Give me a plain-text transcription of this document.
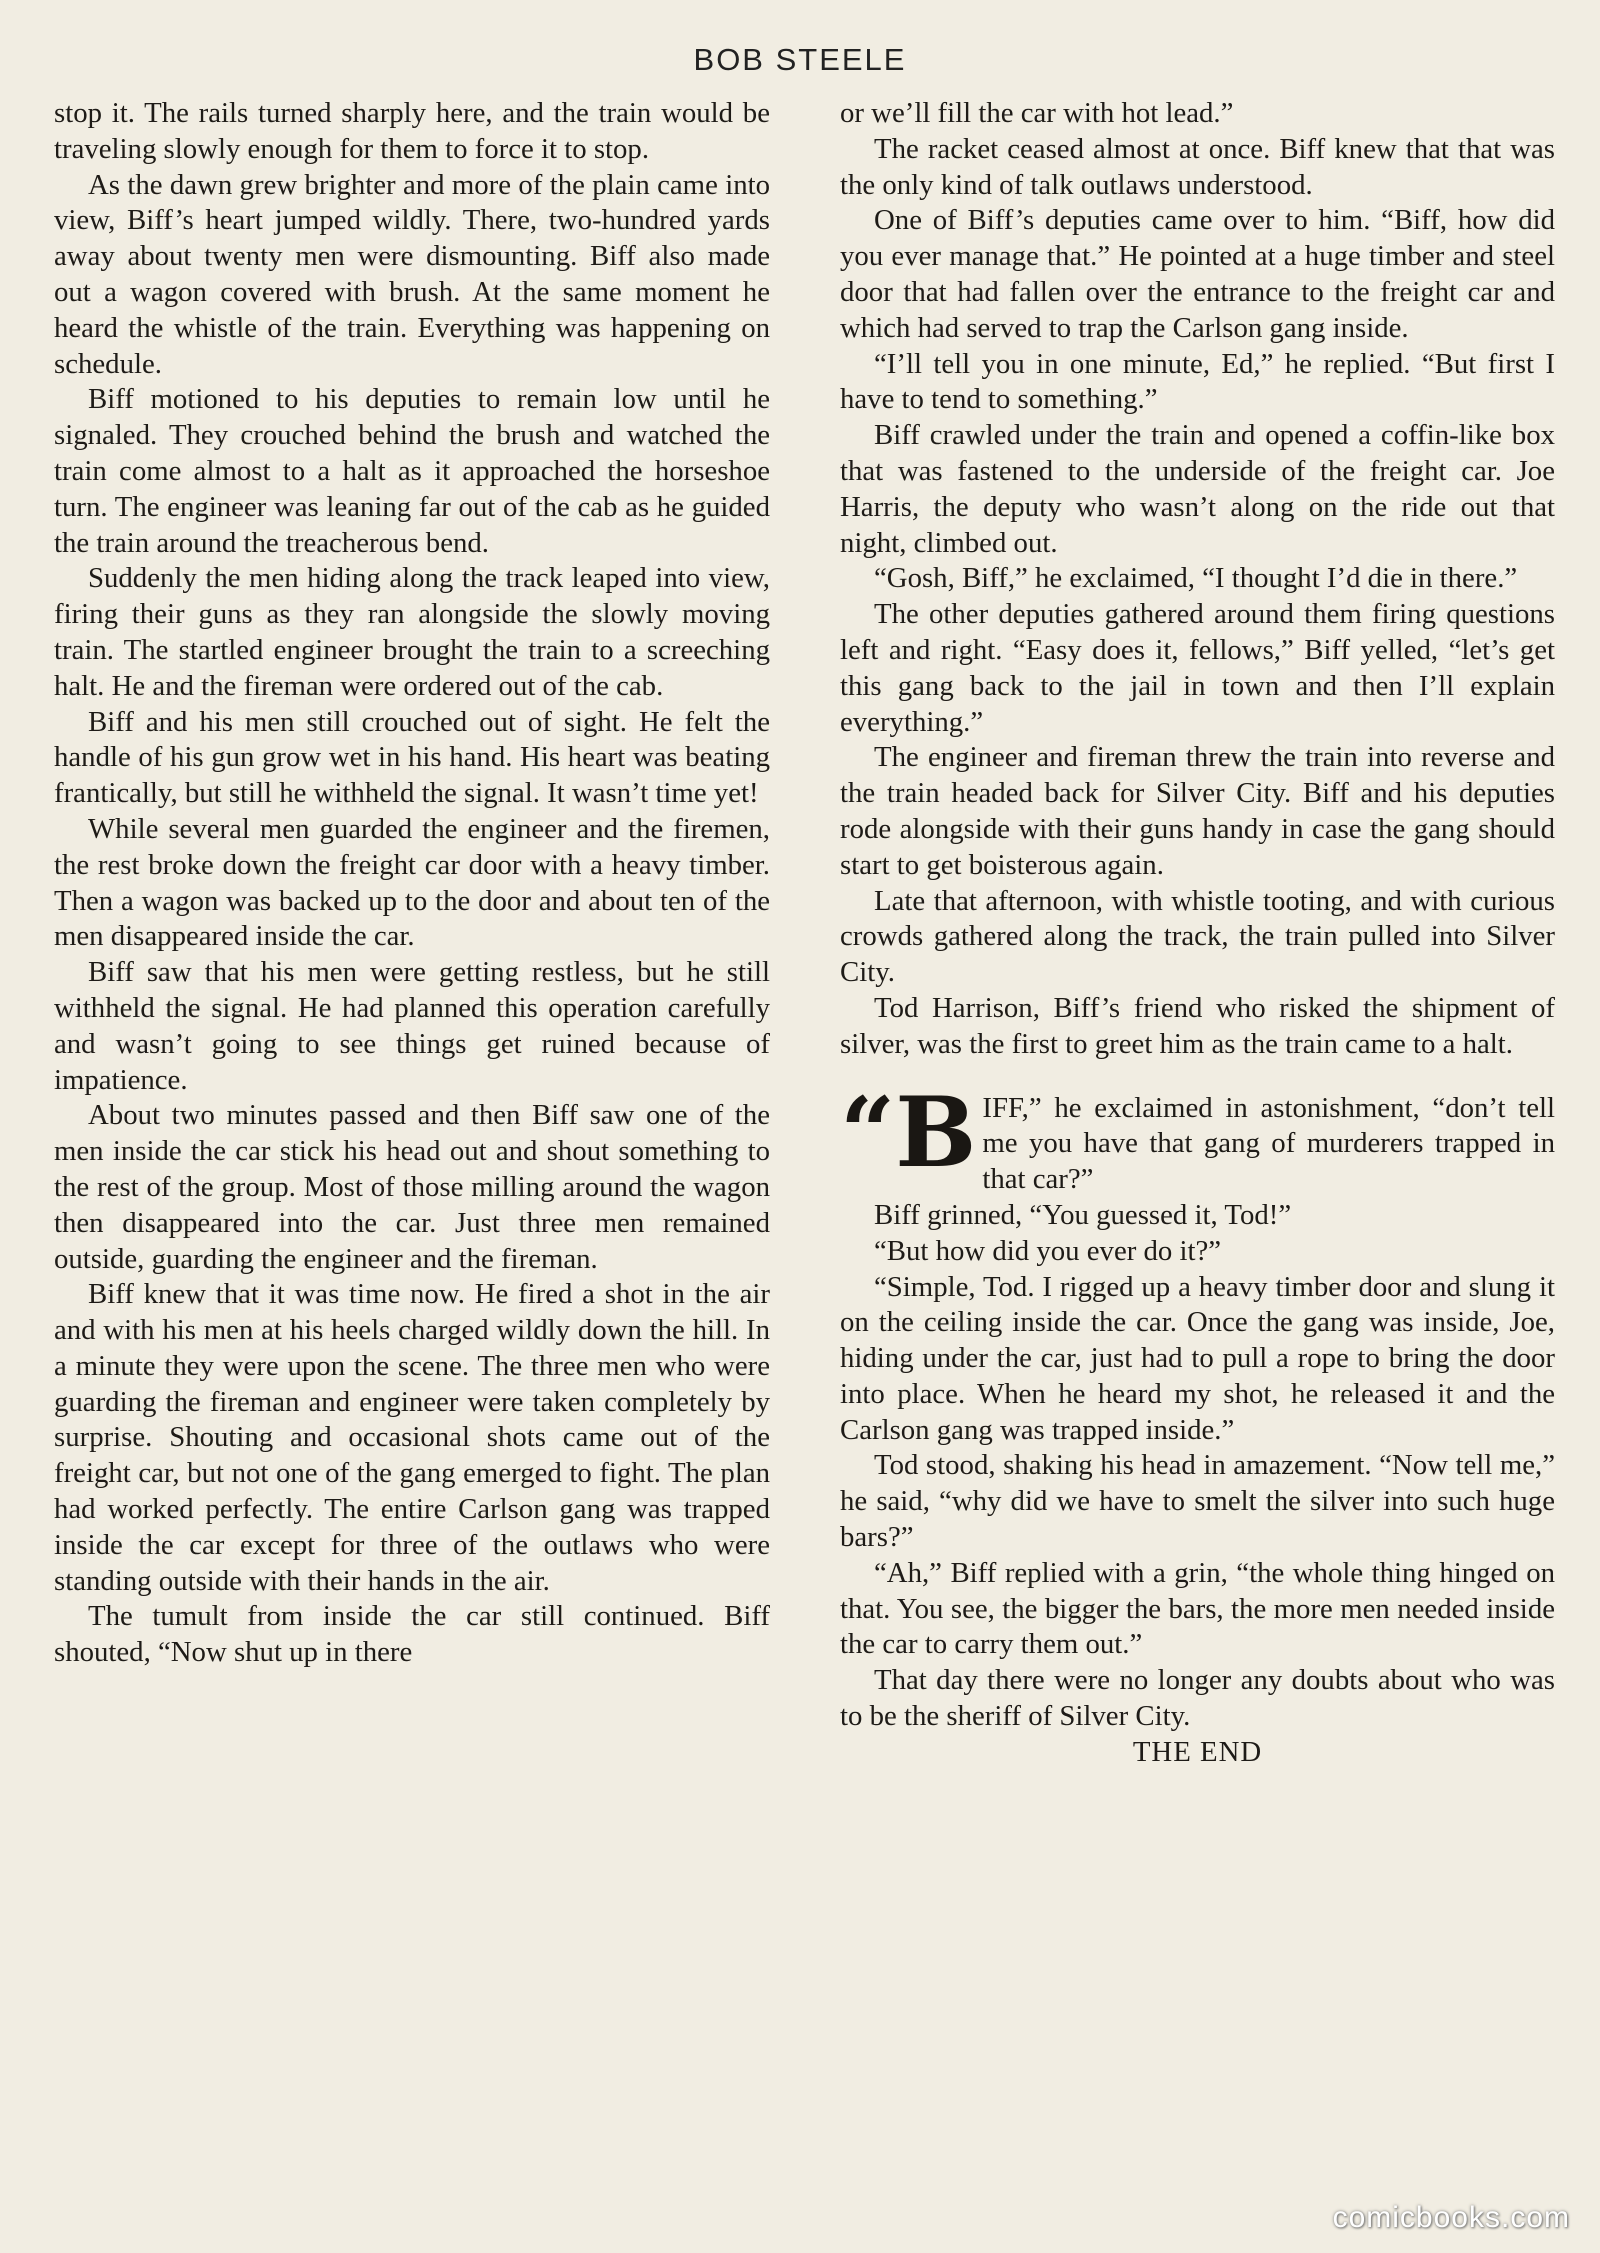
BOB STEELE

stop it. The rails turned sharply here, and the train would be traveling slowly enough for them to force it to stop.

As the dawn grew brighter and more of the plain came into view, Biff’s heart jumped wildly. There, two-hundred yards away about twenty men were dismounting. Biff also made out a wagon covered with brush. At the same moment he heard the whistle of the train. Everything was happening on schedule.

Biff motioned to his deputies to remain low until he signaled. They crouched behind the brush and watched the train come almost to a halt as it approached the horseshoe turn. The engineer was leaning far out of the cab as he guided the train around the treacherous bend.

Suddenly the men hiding along the track leaped into view, firing their guns as they ran alongside the slowly moving train. The startled engineer brought the train to a screeching halt. He and the fireman were ordered out of the cab.

Biff and his men still crouched out of sight. He felt the handle of his gun grow wet in his hand. His heart was beating frantically, but still he withheld the signal. It wasn’t time yet!

While several men guarded the engineer and the firemen, the rest broke down the freight car door with a heavy timber. Then a wagon was backed up to the door and about ten of the men disappeared inside the car.

Biff saw that his men were getting restless, but he still withheld the signal. He had planned this operation carefully and wasn’t going to see things get ruined because of impatience.

About two minutes passed and then Biff saw one of the men inside the car stick his head out and shout something to the rest of the group. Most of those milling around the wagon then disappeared into the car. Just three men remained outside, guarding the engineer and the fireman.

Biff knew that it was time now. He fired a shot in the air and with his men at his heels charged wildly down the hill. In a minute they were upon the scene. The three men who were guarding the fireman and engineer were taken completely by surprise. Shouting and occasional shots came out of the freight car, but not one of the gang emerged to fight. The plan had worked perfectly. The entire Carlson gang was trapped inside the car except for three of the outlaws who were standing outside with their hands in the air.

The tumult from inside the car still continued. Biff shouted, “Now shut up in there

or we’ll fill the car with hot lead.”

The racket ceased almost at once. Biff knew that that was the only kind of talk outlaws understood.

One of Biff’s deputies came over to him. “Biff, how did you ever manage that.” He pointed at a huge timber and steel door that had fallen over the entrance to the freight car and which had served to trap the Carlson gang inside.

“I’ll tell you in one minute, Ed,” he replied. “But first I have to tend to something.”

Biff crawled under the train and opened a coffin-like box that was fastened to the underside of the freight car. Joe Harris, the deputy who wasn’t along on the ride out that night, climbed out.

“Gosh, Biff,” he exclaimed, “I thought I’d die in there.”

The other deputies gathered around them firing questions left and right. “Easy does it, fellows,” Biff yelled, “let’s get this gang back to the jail in town and then I’ll explain everything.”

The engineer and fireman threw the train into reverse and the train headed back for Silver City. Biff and his deputies rode alongside with their guns handy in case the gang should start to get boisterous again.

Late that afternoon, with whistle tooting, and with curious crowds gathered along the track, the train pulled into Silver City.

Tod Harrison, Biff’s friend who risked the shipment of silver, was the first to greet him as the train came to a halt.

“BIFF,” he exclaimed in astonishment, “don’t tell me you have that gang of murderers trapped in that car?”

Biff grinned, “You guessed it, Tod!”

“But how did you ever do it?”

“Simple, Tod. I rigged up a heavy timber door and slung it on the ceiling inside the car. Once the gang was inside, Joe, hiding under the car, just had to pull a rope to bring the door into place. When he heard my shot, he released it and the Carlson gang was trapped inside.”

Tod stood, shaking his head in amazement. “Now tell me,” he said, “why did we have to smelt the silver into such huge bars?”

“Ah,” Biff replied with a grin, “the whole thing hinged on that. You see, the bigger the bars, the more men needed inside the car to carry them out.”

That day there were no longer any doubts about who was to be the sheriff of Silver City.

THE END

comicbooks.com
